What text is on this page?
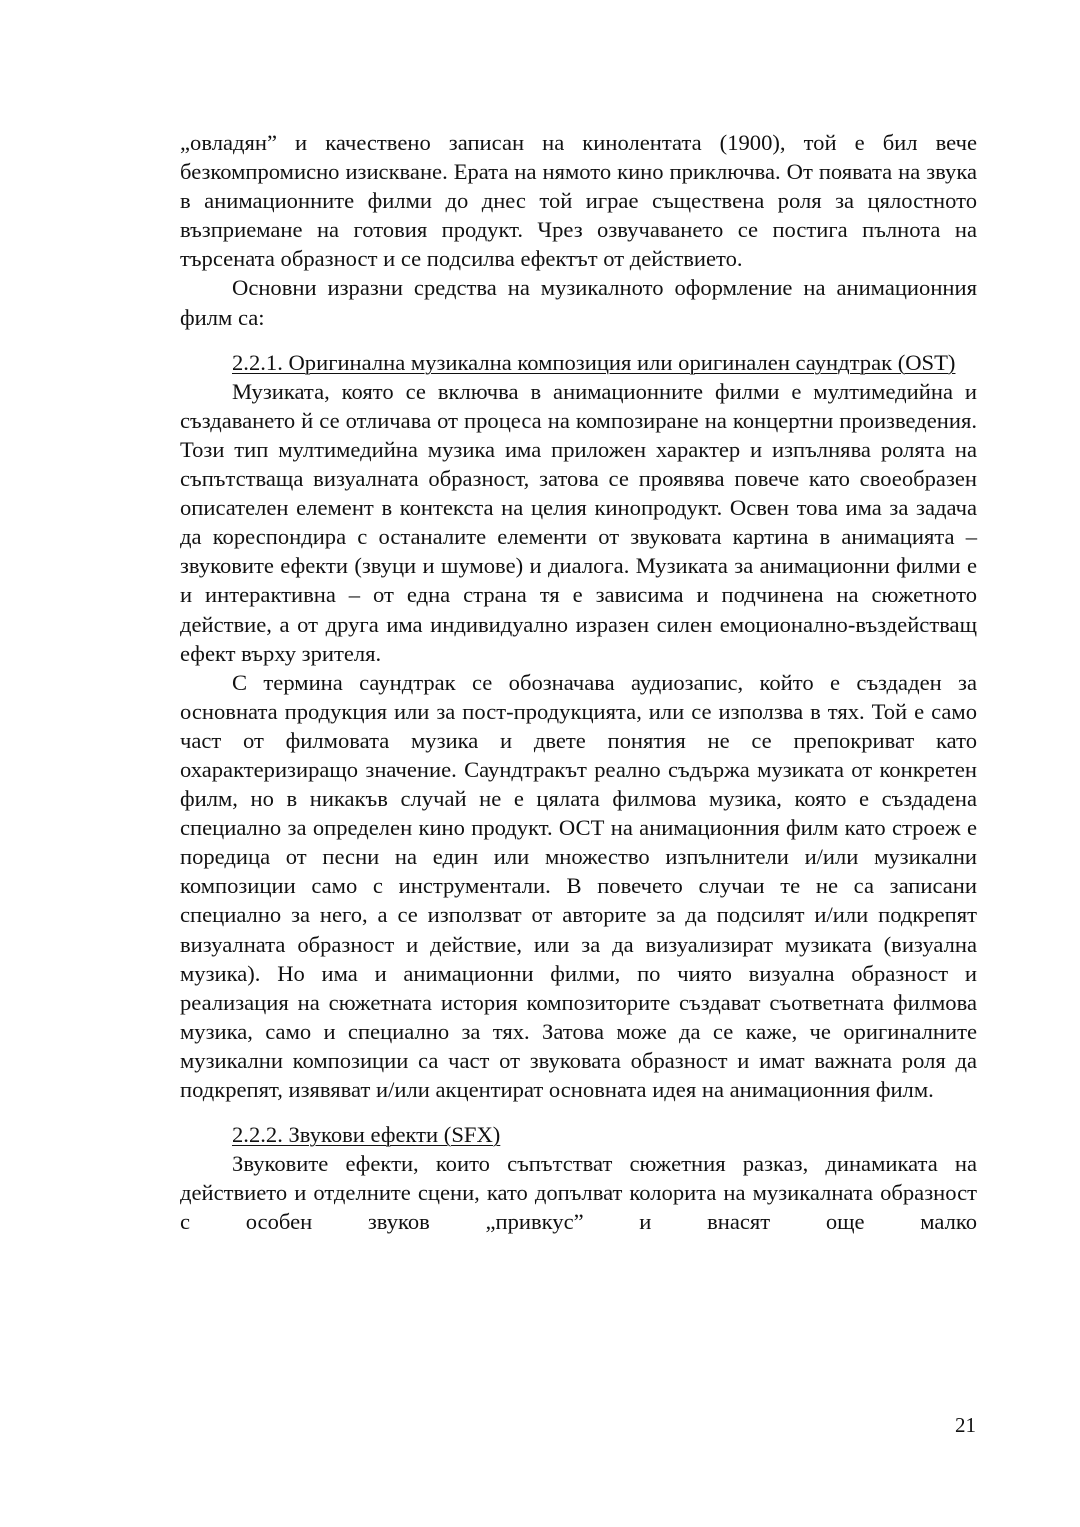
„овладян” и качествено записан на кинолентата (1900), той е бил вече безкомпромисно изискване. Ерата на нямото кино приключва. От появата на звука в анимационните филми до днес той играе съществена роля за цялостното възприемане на готовия продукт. Чрез озвучаването се постига пълнота на търсената образност и се подсилва ефектът от действието.

Основни изразни средства на музикалното оформление на анимационния филм са:

2.2.1. Оригинална музикална композиция или оригинален саундтрак (OST)

Музиката, която се включва в анимационните филми е мултимедийна и създаването й се отличава от процеса на композиране на концертни произведения. Този тип мултимедийна музика има приложен характер и изпълнява ролята на съпътстваща визуалната образност, затова се проявява повече като своеобразен описателен елемент в контекста на целия кинопродукт. Освен това има за задача да кореспондира с останалите елементи от звуковата картина в анимацията – звуковите ефекти (звуци и шумове) и диалога. Музиката за анимационни филми е и интерактивна – от една страна тя е зависима и подчинена на сюжетното действие, а от друга има индивидуално изразен силен емоционално-въздействащ ефект върху зрителя.

С термина саундтрак се обозначава аудиозапис, който е създаден за основната продукция или за пост-продукцията, или се използва в тях. Той е само част от филмовата музика и двете понятия не се препокриват като охарактеризиращо значение. Саундтракът реално съдържа музиката от конкретен филм, но в никакъв случай не е цялата филмова музика, която е създадена специално за определен кино продукт. ОСТ на анимационния филм като строеж е поредица от песни на един или множество изпълнители и/или музикални композиции само с инструментали. В повечето случаи те не са записани специално за него, а се използват от авторите за да подсилят и/или подкрепят визуалната образност и действие, или за да визуализират музиката (визуална музика). Но има и анимационни филми, по чиято визуална образност и реализация на сюжетната история композиторите създават съответната филмова музика, само и специално за тях. Затова може да се каже, че оригиналните музикални композиции са част от звуковата образност и имат важната роля да подкрепят, изявяват и/или акцентират основната идея на анимационния филм.

2.2.2. Звукови ефекти (SFX)

Звуковите ефекти, които съпътстват сюжетния разказ, динамиката на действието и отделните сцени, като допълват колорита на музикалната образност с особен звуков „привкус” и внасят още малко

21
